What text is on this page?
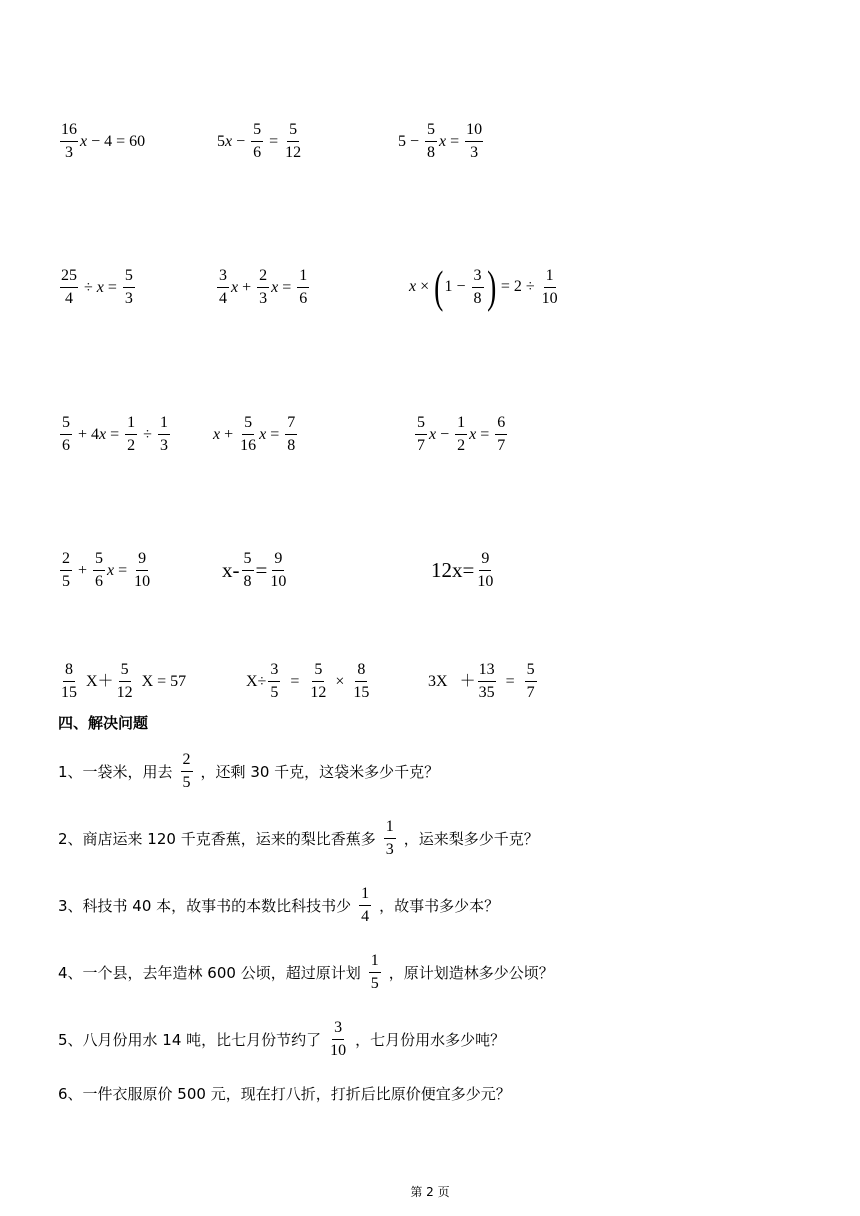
$\frac{16}{3}$ x − 4 = 60	5 $x - \frac{5}{6} = \frac{5}{12}$	$5 - \frac{5}{8}$ $x = \frac{10}{3}$
$\frac{25}{4} \div x = \frac{5}{3}$	$\frac{3}{4}$ $x + \frac{2}{3}$ $x = \frac{1}{6}$	x × ( $1 - \frac{3}{8}$ ) = $2 \div \frac{1}{10}$
$\frac{5}{6} + 4$ $x = \frac{1}{2} \div \frac{1}{3}$	$x + \frac{5}{16}$ $x = \frac{7}{8}$	$\frac{5}{7}$ $x - \frac{1}{2}$ $x = \frac{6}{7}$
$\frac{2}{5} + \frac{5}{6}$ $x = \frac{9}{10}$	$x- \frac{5}{8} = \frac{9}{10}$	$12x= \frac{9}{10}$
$\frac{8}{15} X+ \frac{5}{12}$ X = 57	$X\div \frac{3}{5} = \frac{5}{12} \times \frac{8}{15}$	$3X + \frac{13}{35} = \frac{5}{7}$
四、解决问题
1、一袋米，用去 $\frac{2}{5}$ ，还剩 30 千克，这袋米多少千克？
2、商店运来 120 千克香蕉，运来的梨比香蕉多 $\frac{1}{3}$ ，运来梨多少千克？
3、科技书 40 本，故事书的本数比科技书少 $\frac{1}{4}$ ，故事书多少本？
4、一个县，去年造林 600 公顷，超过原计划 $\frac{1}{5}$ ，原计划造林多少公顷？
5、八月份用水 14 吨，比七月份节约了 $\frac{3}{10}$ ，七月份用水多少吨？
6、一件衣服原价 500 元，现在打八折，打折后比原价便宜多少元？
第 2 页
